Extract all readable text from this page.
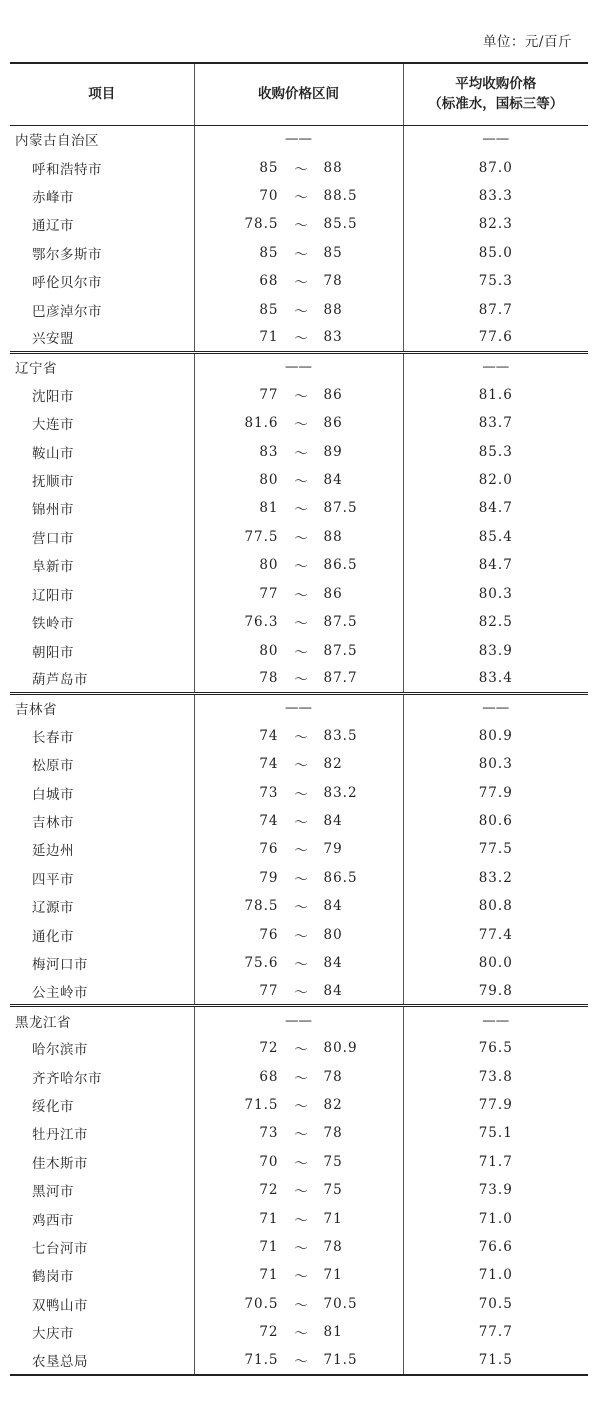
单位：元/百斤
项目	收购价格区间	平均收购价格
（标准水，国标三等）

内蒙古自治区	——	——
呼和浩特市	85 ～ 88	87.0
赤峰市	70 ～ 88.5	83.3
通辽市	78.5 ～ 85.5	82.3
鄂尔多斯市	85 ～ 85	85.0
呼伦贝尔市	68 ～ 78	75.3
巴彦淖尔市	85 ～ 88	87.7
兴安盟	71 ～ 83	77.6
辽宁省	——	——
沈阳市	77 ～ 86	81.6
大连市	81.6 ～ 86	83.7
鞍山市	83 ～ 89	85.3
抚顺市	80 ～ 84	82.0
锦州市	81 ～ 87.5	84.7
营口市	77.5 ～ 88	85.4
阜新市	80 ～ 86.5	84.7
辽阳市	77 ～ 86	80.3
铁岭市	76.3 ～ 87.5	82.5
朝阳市	80 ～ 87.5	83.9
葫芦岛市	78 ～ 87.7	83.4
吉林省	——	——
长春市	74 ～ 83.5	80.9
松原市	74 ～ 82	80.3
白城市	73 ～ 83.2	77.9
吉林市	74 ～ 84	80.6
延边州	76 ～ 79	77.5
四平市	79 ～ 86.5	83.2
辽源市	78.5 ～ 84	80.8
通化市	76 ～ 80	77.4
梅河口市	75.6 ～ 84	80.0
公主岭市	77 ～ 84	79.8
黑龙江省	——	——
哈尔滨市	72 ～ 80.9	76.5
齐齐哈尔市	68 ～ 78	73.8
绥化市	71.5 ～ 82	77.9
牡丹江市	73 ～ 78	75.1
佳木斯市	70 ～ 75	71.7
黑河市	72 ～ 75	73.9
鸡西市	71 ～ 71	71.0
七台河市	71 ～ 78	76.6
鹤岗市	71 ～ 71	71.0
双鸭山市	70.5 ～ 70.5	70.5
大庆市	72 ～ 81	77.7
农垦总局	71.5 ～ 71.5	71.5
